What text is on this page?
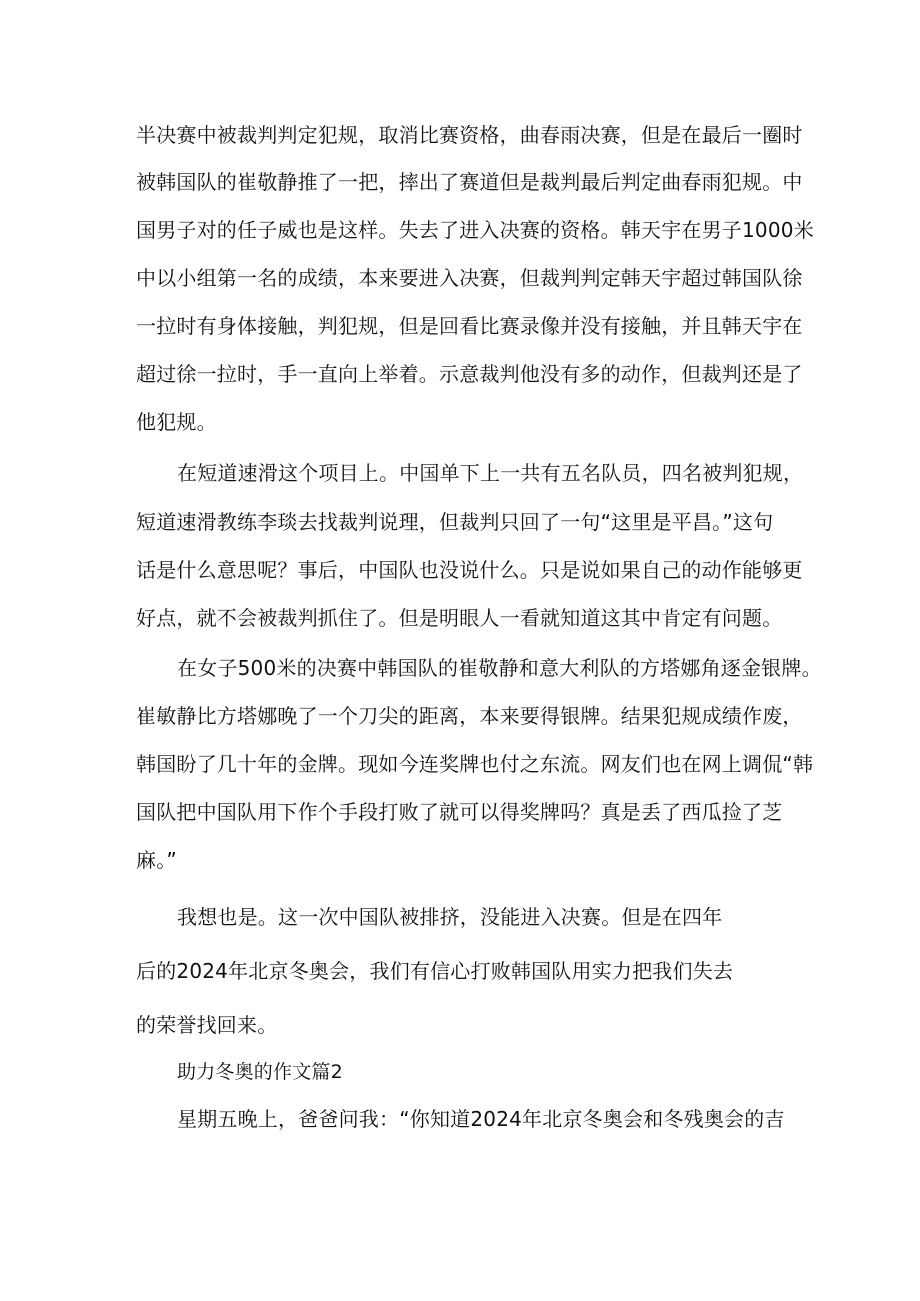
半决赛中被裁判判定犯规，取消比赛资格，曲春雨决赛，但是在最后一圈时
被韩国队的崔敬静推了一把，摔出了赛道但是裁判最后判定曲春雨犯规。中
国男子对的任子威也是这样。失去了进入决赛的资格。韩天宇在男子1000米
中以小组第一名的成绩，本来要进入决赛，但裁判判定韩天宇超过韩国队徐
一拉时有身体接触，判犯规，但是回看比赛录像并没有接触，并且韩天宇在
超过徐一拉时，手一直向上举着。示意裁判他没有多的动作，但裁判还是了
他犯规。
在短道速滑这个项目上。中国单下上一共有五名队员，四名被判犯规，
短道速滑教练李琰去找裁判说理，但裁判只回了一句“这里是平昌。”这句
话是什么意思呢？事后，中国队也没说什么。只是说如果自己的动作能够更
好点，就不会被裁判抓住了。但是明眼人一看就知道这其中肯定有问题。
在女子500米的决赛中韩国队的崔敬静和意大利队的方塔娜角逐金银牌。
崔敏静比方塔娜晚了一个刀尖的距离，本来要得银牌。结果犯规成绩作废，
韩国盼了几十年的金牌。现如今连奖牌也付之东流。网友们也在网上调侃“韩
国队把中国队用下作个手段打败了就可以得奖牌吗？真是丢了西瓜捡了芝
麻。”
我想也是。这一次中国队被排挤，没能进入决赛。但是在四年
后的2024年北京冬奥会，我们有信心打败韩国队用实力把我们失去
的荣誉找回来。
助力冬奥的作文篇2
星期五晚上，爸爸问我：“你知道2024年北京冬奥会和冬残奥会的吉
